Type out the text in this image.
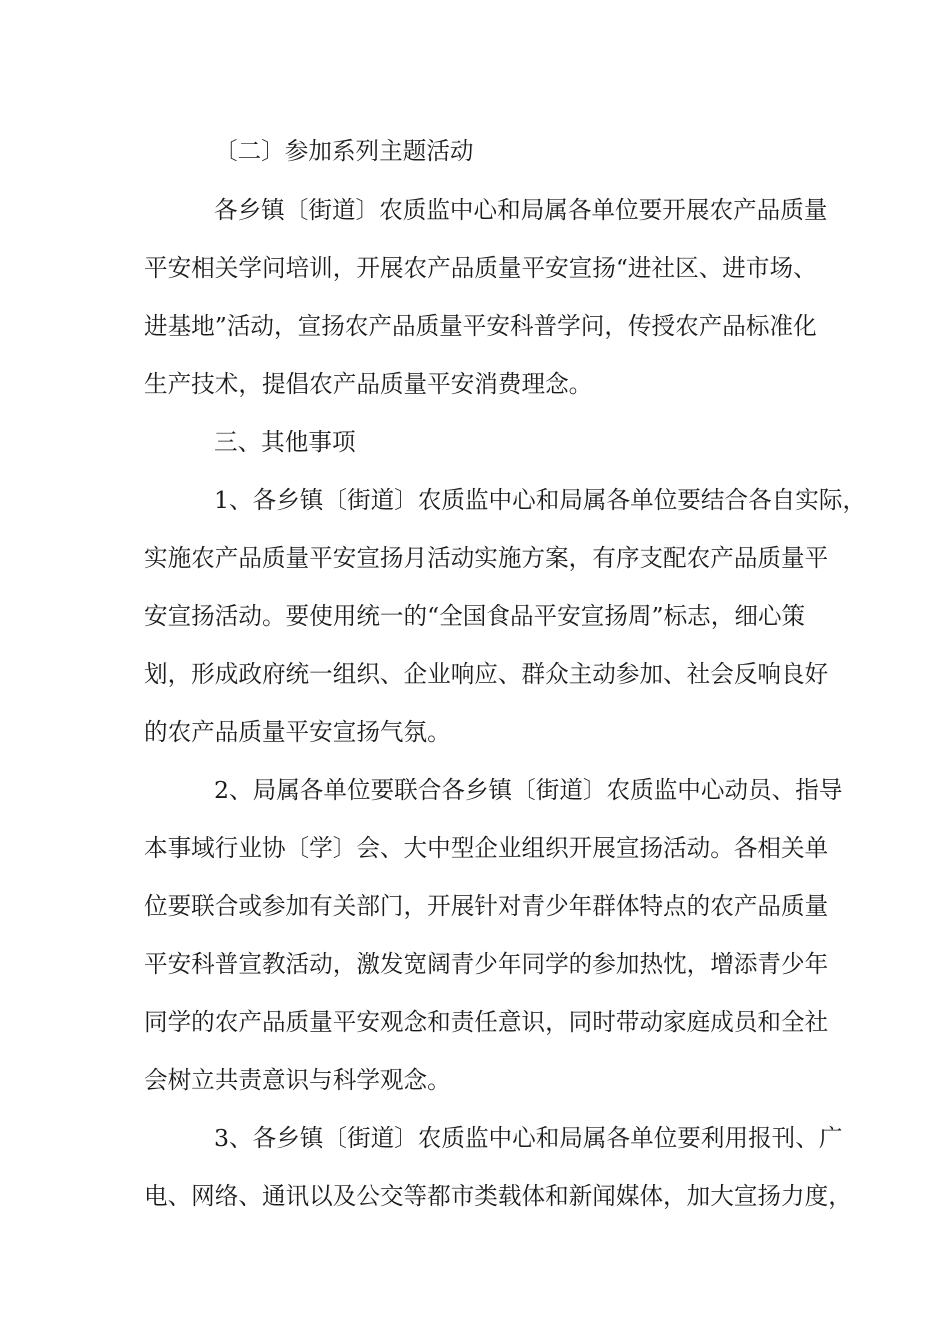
〔二〕参加系列主题活动
各乡镇〔街道〕农质监中心和局属各单位要开展农产品质量
平安相关学问培训，开展农产品质量平安宣扬“进社区、进市场、
进基地”活动，宣扬农产品质量平安科普学问，传授农产品标准化
生产技术，提倡农产品质量平安消费理念。
三、其他事项
1、各乡镇〔街道〕农质监中心和局属各单位要结合各自实际，
实施农产品质量平安宣扬月活动实施方案，有序支配农产品质量平
安宣扬活动。要使用统一的“全国食品平安宣扬周”标志，细心策
划，形成政府统一组织、企业响应、群众主动参加、社会反响良好
的农产品质量平安宣扬气氛。
2、局属各单位要联合各乡镇〔街道〕农质监中心动员、指导
本事域行业协〔学〕会、大中型企业组织开展宣扬活动。各相关单
位要联合或参加有关部门，开展针对青少年群体特点的农产品质量
平安科普宣教活动，激发宽阔青少年同学的参加热忱，增添青少年
同学的农产品质量平安观念和责任意识，同时带动家庭成员和全社
会树立共责意识与科学观念。
3、各乡镇〔街道〕农质监中心和局属各单位要利用报刊、广
电、网络、通讯以及公交等都市类载体和新闻媒体，加大宣扬力度，
